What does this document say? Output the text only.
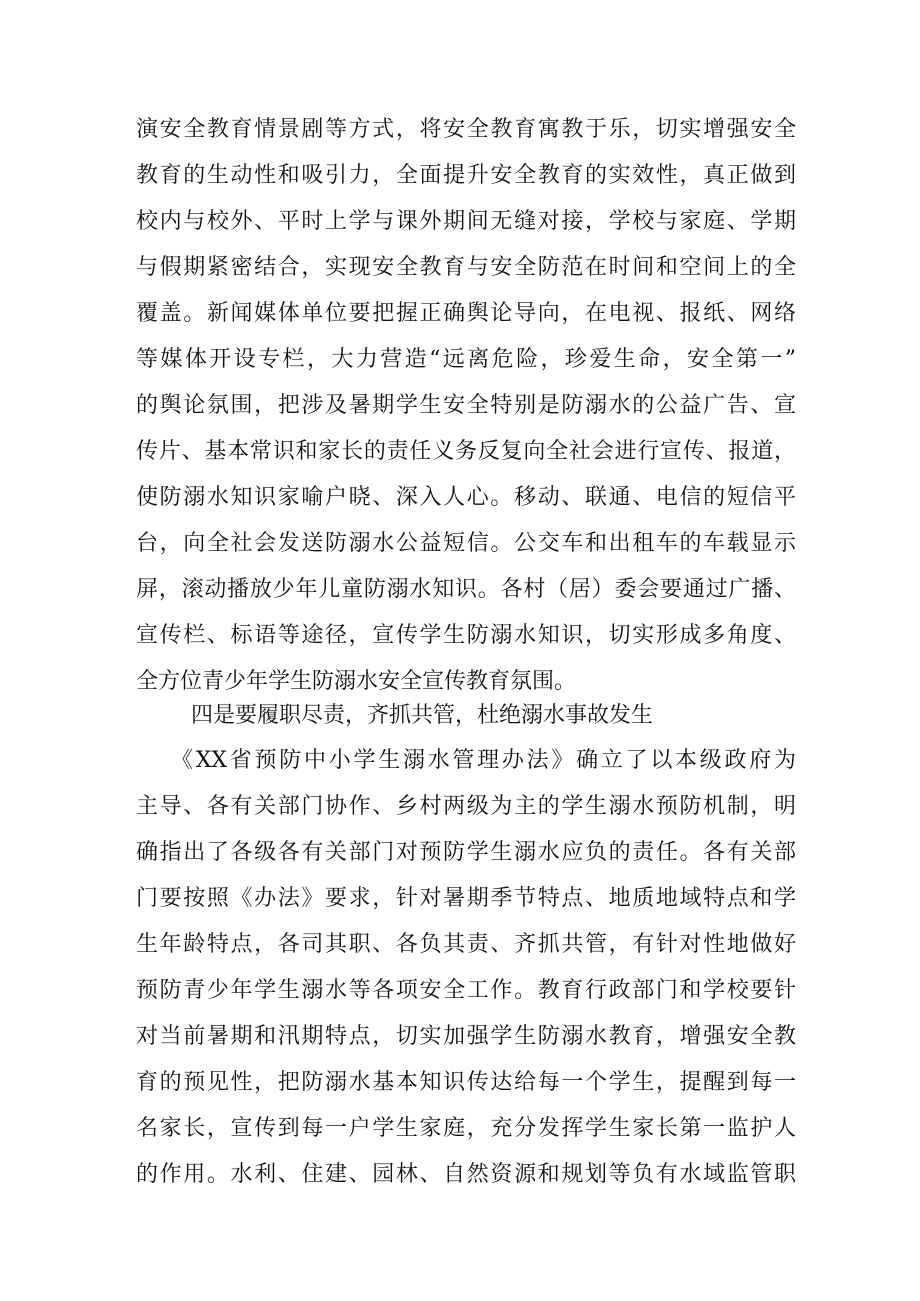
演安全教育情景剧等方式，将安全教育寓教于乐，切实增强安全
教育的生动性和吸引力，全面提升安全教育的实效性，真正做到
校内与校外、平时上学与课外期间无缝对接，学校与家庭、学期
与假期紧密结合，实现安全教育与安全防范在时间和空间上的全
覆盖。新闻媒体单位要把握正确舆论导向，在电视、报纸、网络
等媒体开设专栏，大力营造“远离危险，珍爱生命，安全第一”
的舆论氛围，把涉及暑期学生安全特别是防溺水的公益广告、宣
传片、基本常识和家长的责任义务反复向全社会进行宣传、报道，
使防溺水知识家喻户晓、深入人心。移动、联通、电信的短信平
台，向全社会发送防溺水公益短信。公交车和出租车的车载显示
屏，滚动播放少年儿童防溺水知识。各村（居）委会要通过广播、
宣传栏、标语等途径，宣传学生防溺水知识，切实形成多角度、
全方位青少年学生防溺水安全宣传教育氛围。
四是要履职尽责，齐抓共管，杜绝溺水事故发生
《XX省预防中小学生溺水管理办法》确立了以本级政府为
主导、各有关部门协作、乡村两级为主的学生溺水预防机制，明
确指出了各级各有关部门对预防学生溺水应负的责任。各有关部
门要按照《办法》要求，针对暑期季节特点、地质地域特点和学
生年龄特点，各司其职、各负其责、齐抓共管，有针对性地做好
预防青少年学生溺水等各项安全工作。教育行政部门和学校要针
对当前暑期和汛期特点，切实加强学生防溺水教育，增强安全教
育的预见性，把防溺水基本知识传达给每一个学生，提醒到每一
名家长，宣传到每一户学生家庭，充分发挥学生家长第一监护人
的作用。水利、住建、园林、自然资源和规划等负有水域监管职
